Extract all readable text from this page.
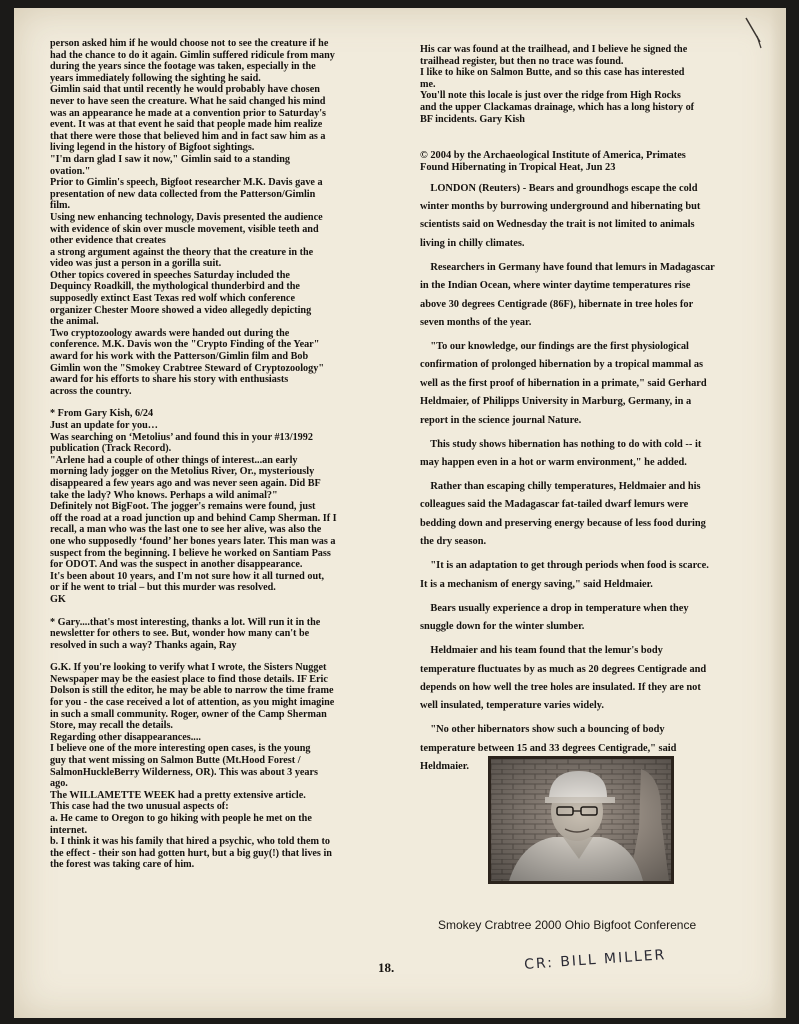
person asked him if he would choose not to see the creature if he

had the chance to do it again. Gimlin suffered ridicule from many

during the years since the footage was taken, especially in the

years immediately following the sighting he said.

Gimlin said that until recently he would probably have chosen

never to have seen the creature. What he said changed his mind

was an appearance he made at a convention prior to Saturday's

event. It was at that event he said that people made him realize

that there were those that believed him and in fact saw him as a

living legend in the history of Bigfoot sightings.

"I'm darn glad I saw it now," Gimlin said to a standing

ovation."

Prior to Gimlin's speech, Bigfoot researcher M.K. Davis gave a

presentation of new data collected from the Patterson/Gimlin

film.

Using new enhancing technology, Davis presented the audience

with evidence of skin over muscle movement, visible teeth and

other evidence that creates

a strong argument against the theory that the creature in the

video was just a person in a gorilla suit.

Other topics covered in speeches Saturday included the

Dequincy Roadkill, the mythological thunderbird and the

supposedly extinct East Texas red wolf which conference

organizer Chester Moore showed a video allegedly depicting

the animal.

Two cryptozoology awards were handed out during the

conference. M.K. Davis won the "Crypto Finding of the Year"

award for his work with the Patterson/Gimlin film and Bob

Gimlin won the "Smokey Crabtree Steward of Cryptozoology"

award for his efforts to share his story with enthusiasts

across the country.

* From Gary Kish, 6/24

Just an update for you…

Was searching on ‘Metolius’ and found this in your #13/1992

publication (Track Record).

"Arlene had a couple of other things of interest...an early

morning lady jogger on the Metolius River, Or., mysteriously

disappeared a few years ago and was never seen again. Did BF

take the lady? Who knows. Perhaps a wild animal?"

Definitely not BigFoot. The jogger's remains were found, just

off the road at a road junction up and behind Camp Sherman. If I

recall, a man who was the last one to see her alive, was also the

one who supposedly ‘found’ her bones years later. This man was a

suspect from the beginning. I believe he worked on Santiam Pass

for ODOT. And was the suspect in another disappearance.

It's been about 10 years, and I'm not sure how it all turned out,

or if he went to trial – but this murder was resolved.

GK

* Gary....that's most interesting, thanks a lot. Will run it in the

newsletter for others to see. But, wonder how many can't be

resolved in such a way? Thanks again, Ray

G.K. If you're looking to verify what I wrote, the Sisters Nugget

Newspaper may be the easiest place to find those details. IF Eric

Dolson is still the editor, he may be able to narrow the time frame

for you - the case received a lot of attention, as you might imagine

in such a small community. Roger, owner of the Camp Sherman

Store, may recall the details.

Regarding other disappearances....

I believe one of the more interesting open cases, is the young

guy that went missing on Salmon Butte (Mt.Hood Forest /

SalmonHuckleBerry Wilderness, OR). This was about 3 years

ago.

The WILLAMETTE WEEK had a pretty extensive article.

This case had the two unusual aspects of:

a. He came to Oregon to go hiking with people he met on the

internet.

b. I think it was his family that hired a psychic, who told them to

the effect - their son had gotten hurt, but a big guy(!) that lives in

the forest was taking care of him.

His car was found at the trailhead, and I believe he signed the

trailhead register, but then no trace was found.

I like to hike on Salmon Butte, and so this case has interested

me.

You'll note this locale is just over the ridge from High Rocks

and the upper Clackamas drainage, which has a long history of

BF incidents. Gary Kish

© 2004 by the Archaeological Institute of America, Primates

Found Hibernating in Tropical Heat, Jun 23

LONDON (Reuters) - Bears and groundhogs escape the cold
winter months by burrowing underground and hibernating but
scientists said on Wednesday the trait is not limited to animals
living in chilly climates.

Researchers in Germany have found that lemurs in Madagascar
in the Indian Ocean, where winter daytime temperatures rise
above 30 degrees Centigrade (86F), hibernate in tree holes for
seven months of the year.

"To our knowledge, our findings are the first physiological
confirmation of prolonged hibernation by a tropical mammal as
well as the first proof of hibernation in a primate," said Gerhard
Heldmaier, of Philipps University in Marburg, Germany, in a
report in the science journal Nature.

This study shows hibernation has nothing to do with cold -- it
may happen even in a hot or warm environment," he added.

Rather than escaping chilly temperatures, Heldmaier and his
colleagues said the Madagascar fat-tailed dwarf lemurs were
bedding down and preserving energy because of less food during
the dry season.

"It is an adaptation to get through periods when food is scarce.
It is a mechanism of energy saving," said Heldmaier.

Bears usually experience a drop in temperature when they
snuggle down for the winter slumber.

Heldmaier and his team found that the lemur's body
temperature fluctuates by as much as 20 degrees Centigrade and
depends on how well the tree holes are insulated. If they are not
well insulated, temperature varies widely.

"No other hibernators show such a bouncing of body
temperature between 15 and 33 degrees Centigrade," said
Heldmaier.

Smokey Crabtree 2000 Ohio Bigfoot Conference
18.	CR: BILL MILLER
